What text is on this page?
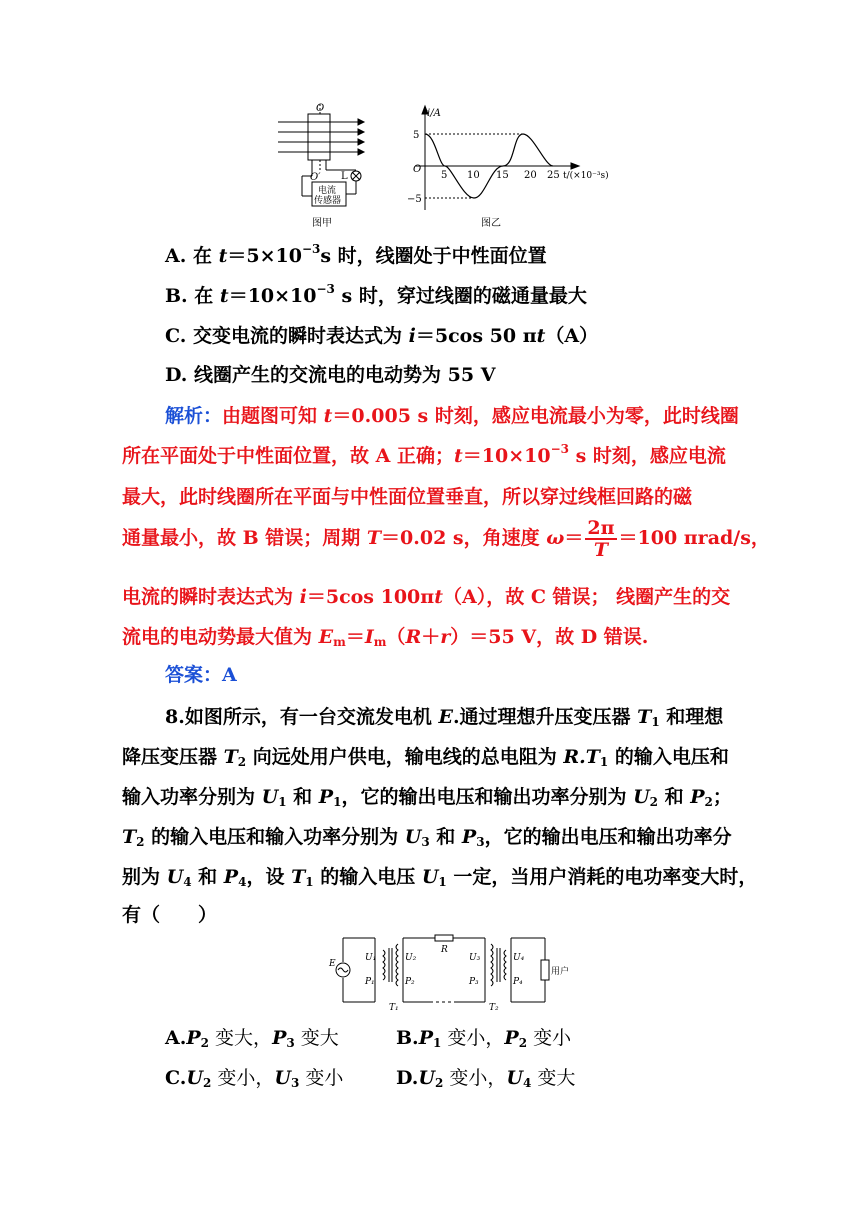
O
O′ L
电流
传感器
图甲
i/A
5
O
−5
5 10 15 20 25 t/(×10⁻³s)
图乙
A. 在 $t=5\times 10^{-3}s$ 时，线圈处于中性面位置
B. 在 $t=10\times 10^{-3}$ s 时，穿过线圈的磁通量最大
C. 交变电流的瞬时表达式为 i＝5cos 50 πt（A）
D. 线圈产生的交流电的电动势为 55 V
解析：由题图可知 t＝0.005 s 时刻，感应电流最小为零，此时线圈
所在平面处于中性面位置，故 A 正确；$t=10\times 10^{-3}$ s 时刻，感应电流
最大，此时线圈所在平面与中性面位置垂直，所以穿过线框回路的磁
通量最小，故 B 错误；周期 T＝0.02 s，角速度 $\omega= \frac{2\pi}{T} =100$ πrad/s，
电流的瞬时表达式为 i＝5cos 100πt（A），故 C 错误； 线圈产生的交
流电的电动势最大值为 $E_m=I_m(R+r)=55$ V，故 D 错误.
答案：A
8.如图所示，有一台交流发电机 E.通过理想升压变压器 $T_1$ 和理想
降压变压器 $T_2$ 向远处用户供电，输电线的总电阻为 $R.T_1$ 的输入电压和
输入功率分别为 $U_1$ 和 $P_1$，它的输出电压和输出功率分别为 $U_2$ 和 $P_2$；
$T_2$ 的输入电压和输入功率分别为 $U_3$ 和 $P_3$，它的输出电压和输出功率分
别为 $U_4$ 和 $P_4$，设 $T_1$ 的输入电压 $U_1$ 一定，当用户消耗的电功率变大时，
有（　　）
R
E
U₁
P₁
U₂
P₂
U₃
P₃
U₄
P₄
T₁	T₂
用户
$A.P_2$ 变大，$P_3$ 变大	$B.P_1$ 变小，$P_2$ 变小
$C.U_2$ 变小，$U_3$ 变小	$D.U_2$ 变小，$U_4$ 变大
